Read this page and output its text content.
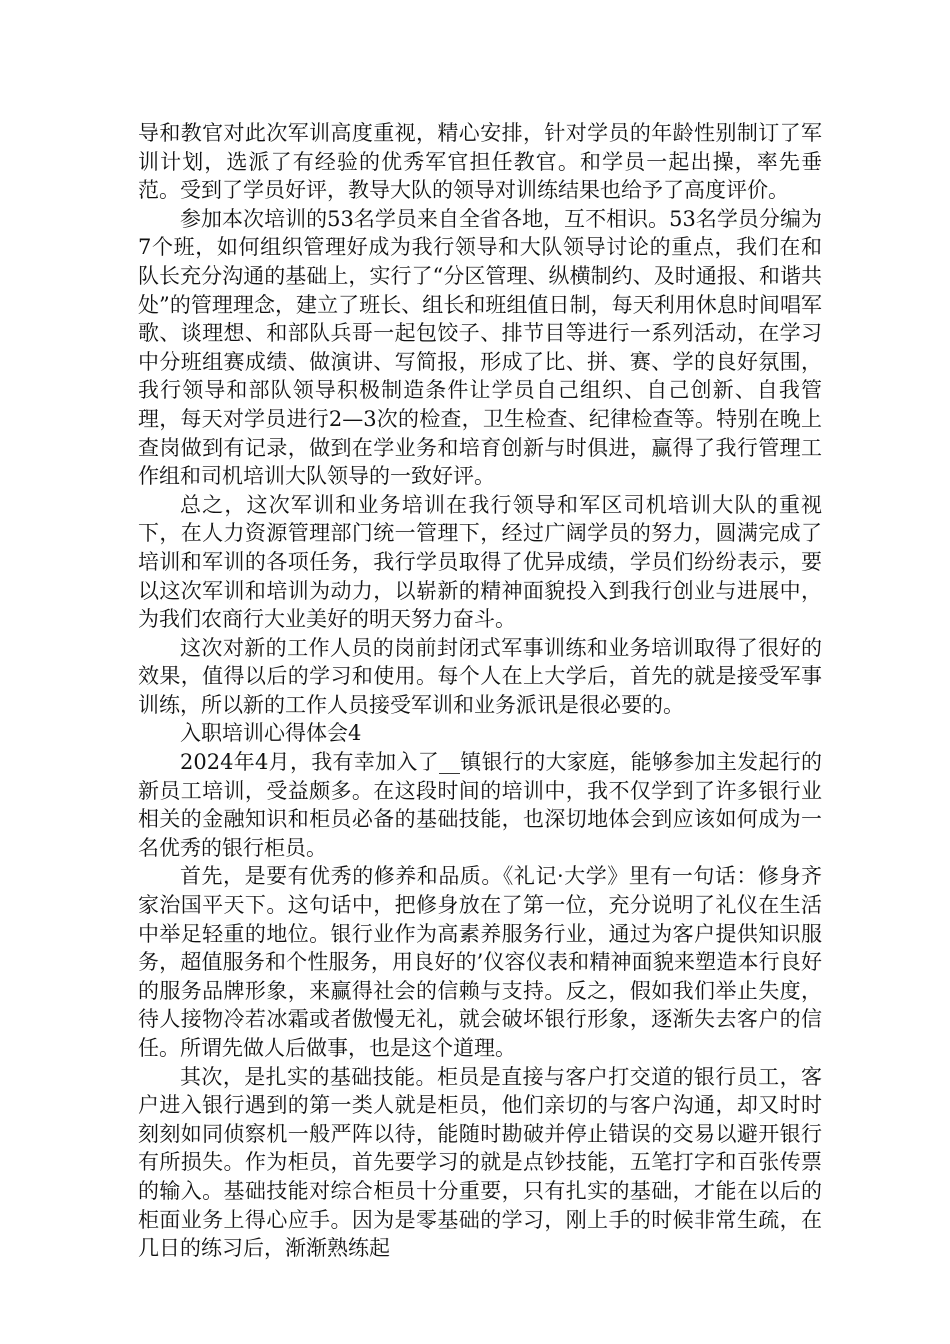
导和教官对此次军训高度重视，精心安排，针对学员的年龄性别制订了军训计划，选派了有经验的优秀军官担任教官。和学员一起出操，率先垂范。受到了学员好评，教导大队的领导对训练结果也给予了高度评价。

参加本次培训的53名学员来自全省各地，互不相识。53名学员分编为7个班，如何组织管理好成为我行领导和大队领导讨论的重点，我们在和队长充分沟通的基础上，实行了“分区管理、纵横制约、及时通报、和谐共处”的管理理念，建立了班长、组长和班组值日制，每天利用休息时间唱军歌、谈理想、和部队兵哥一起包饺子、排节目等进行一系列活动，在学习中分班组赛成绩、做演讲、写简报，形成了比、拼、赛、学的良好氛围，我行领导和部队领导积极制造条件让学员自己组织、自己创新、自我管理，每天对学员进行2—3次的检查，卫生检查、纪律检查等。特别在晚上查岗做到有记录，做到在学业务和培育创新与时俱进，赢得了我行管理工作组和司机培训大队领导的一致好评。

总之，这次军训和业务培训在我行领导和军区司机培训大队的重视下，在人力资源管理部门统一管理下，经过广阔学员的努力，圆满完成了培训和军训的各项任务，我行学员取得了优异成绩，学员们纷纷表示，要以这次军训和培训为动力，以崭新的精神面貌投入到我行创业与进展中，为我们农商行大业美好的明天努力奋斗。

这次对新的工作人员的岗前封闭式军事训练和业务培训取得了很好的效果，值得以后的学习和使用。每个人在上大学后，首先的就是接受军事训练，所以新的工作人员接受军训和业务派讯是很必要的。

入职培训心得体会4

2024年4月，我有幸加入了__镇银行的大家庭，能够参加主发起行的新员工培训，受益颇多。在这段时间的培训中，我不仅学到了许多银行业相关的金融知识和柜员必备的基础技能，也深切地体会到应该如何成为一名优秀的银行柜员。

首先，是要有优秀的修养和品质。《礼记·大学》里有一句话：修身齐家治国平天下。这句话中，把修身放在了第一位，充分说明了礼仪在生活中举足轻重的地位。银行业作为高素养服务行业，通过为客户提供知识服务，超值服务和个性服务，用良好的’仪容仪表和精神面貌来塑造本行良好的服务品牌形象，来赢得社会的信赖与支持。反之，假如我们举止失度，待人接物冷若冰霜或者傲慢无礼，就会破坏银行形象，逐渐失去客户的信任。所谓先做人后做事，也是这个道理。

其次，是扎实的基础技能。柜员是直接与客户打交道的银行员工，客户进入银行遇到的第一类人就是柜员，他们亲切的与客户沟通，却又时时刻刻如同侦察机一般严阵以待，能随时勘破并停止错误的交易以避开银行有所损失。作为柜员，首先要学习的就是点钞技能，五笔打字和百张传票的输入。基础技能对综合柜员十分重要，只有扎实的基础，才能在以后的柜面业务上得心应手。因为是零基础的学习，刚上手的时候非常生疏，在几日的练习后，渐渐熟练起
